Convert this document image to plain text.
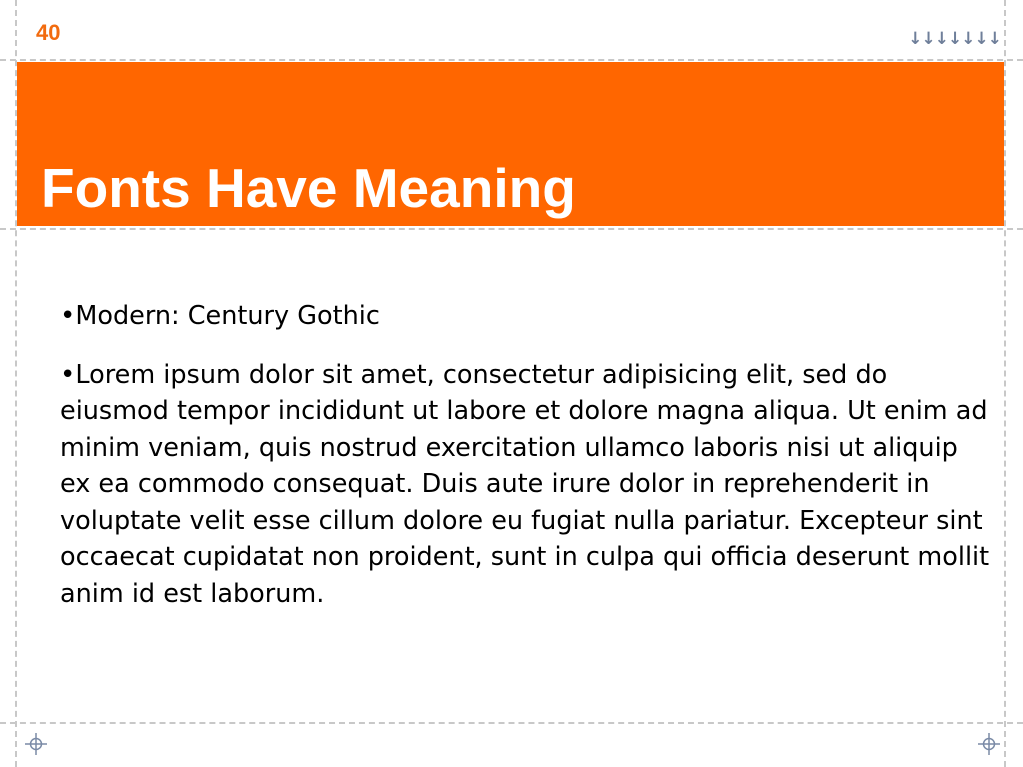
40	↓↓↓↓↓↓↓
Fonts Have Meaning

•Modern: Century Gothic

•Lorem ipsum dolor sit amet, consectetur adipisicing elit, sed do eiusmod tempor incididunt ut labore et dolore magna aliqua. Ut enim ad minim veniam, quis nostrud exercitation ullamco laboris nisi ut aliquip ex ea commodo consequat. Duis aute irure dolor in reprehenderit in voluptate velit esse cillum dolore eu fugiat nulla pariatur. Excepteur sint occaecat cupidatat non proident, sunt in culpa qui officia deserunt mollit anim id est laborum.
